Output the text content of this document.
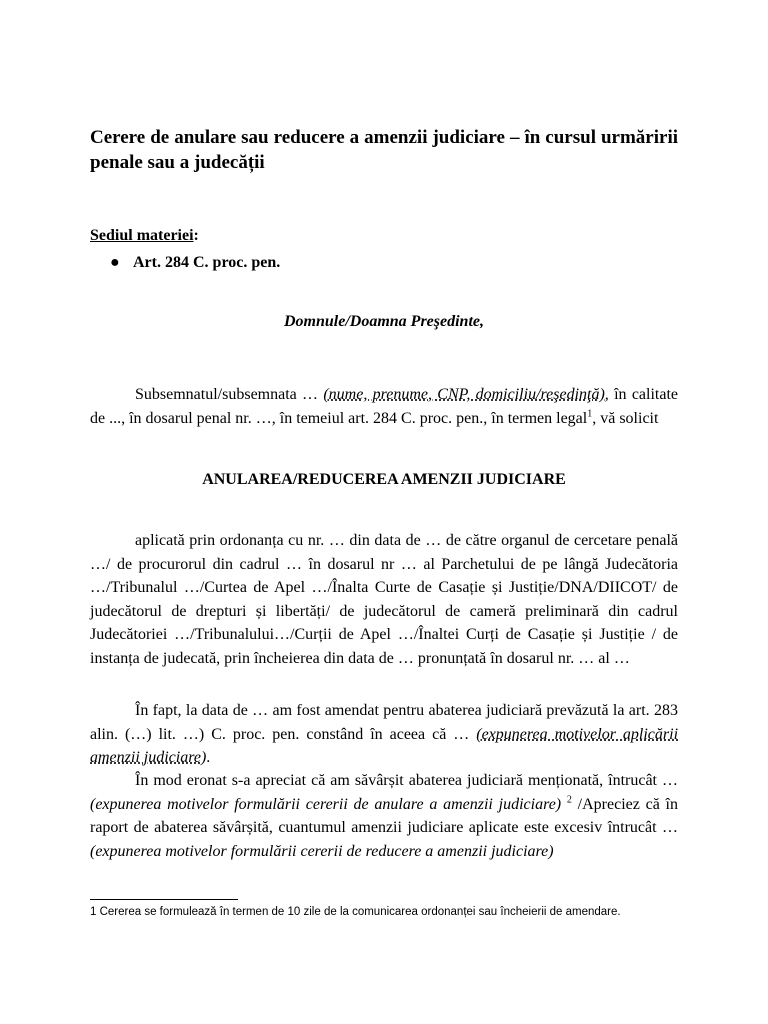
Cerere de anulare sau reducere a amenzii judiciare – în cursul urmăririi penale sau a judecății
Sediul materiei:
● Art. 284 C. proc. pen.
Domnule/Doamna Preşedinte,
Subsemnatul/subsemnata … (nume, prenume, CNP, domiciliu/reşedinţă), în calitate de ..., în dosarul penal nr. …, în temeiul art. 284 C. proc. pen., în termen legal$^1$, vă solicit
ANULAREA/REDUCEREA AMENZII JUDICIARE
aplicată prin ordonanța cu nr. … din data de … de către organul de cercetare penală …/ de procurorul din cadrul … în dosarul nr … al Parchetului de pe lângă Judecătoria …/Tribunalul …/Curtea de Apel …/Înalta Curte de Casație și Justiție/DNA/DIICOT/ de judecătorul de drepturi și libertăți/ de judecătorul de cameră preliminară din cadrul Judecătoriei …/Tribunalului…/Curții de Apel …/Înaltei Curți de Casație și Justiție / de instanța de judecată, prin încheierea din data de … pronunțată în dosarul nr. … al …
În fapt, la data de … am fost amendat pentru abaterea judiciară prevăzută la art. 283 alin. (…) lit. …) C. proc. pen. constând în aceea că … (expunerea motivelor aplicării amenzii judiciare).
În mod eronat s-a apreciat că am săvârșit abaterea judiciară menționată, întrucât … (expunerea motivelor formulării cererii de anulare a amenzii judiciare) $^2$ /Apreciez că în raport de abaterea săvârșită, cuantumul amenzii judiciare aplicate este excesiv întrucât …(expunerea motivelor formulării cererii de reducere a amenzii judiciare)
1 Cererea se formulează în termen de 10 zile de la comunicarea ordonanței sau încheierii de amendare.
